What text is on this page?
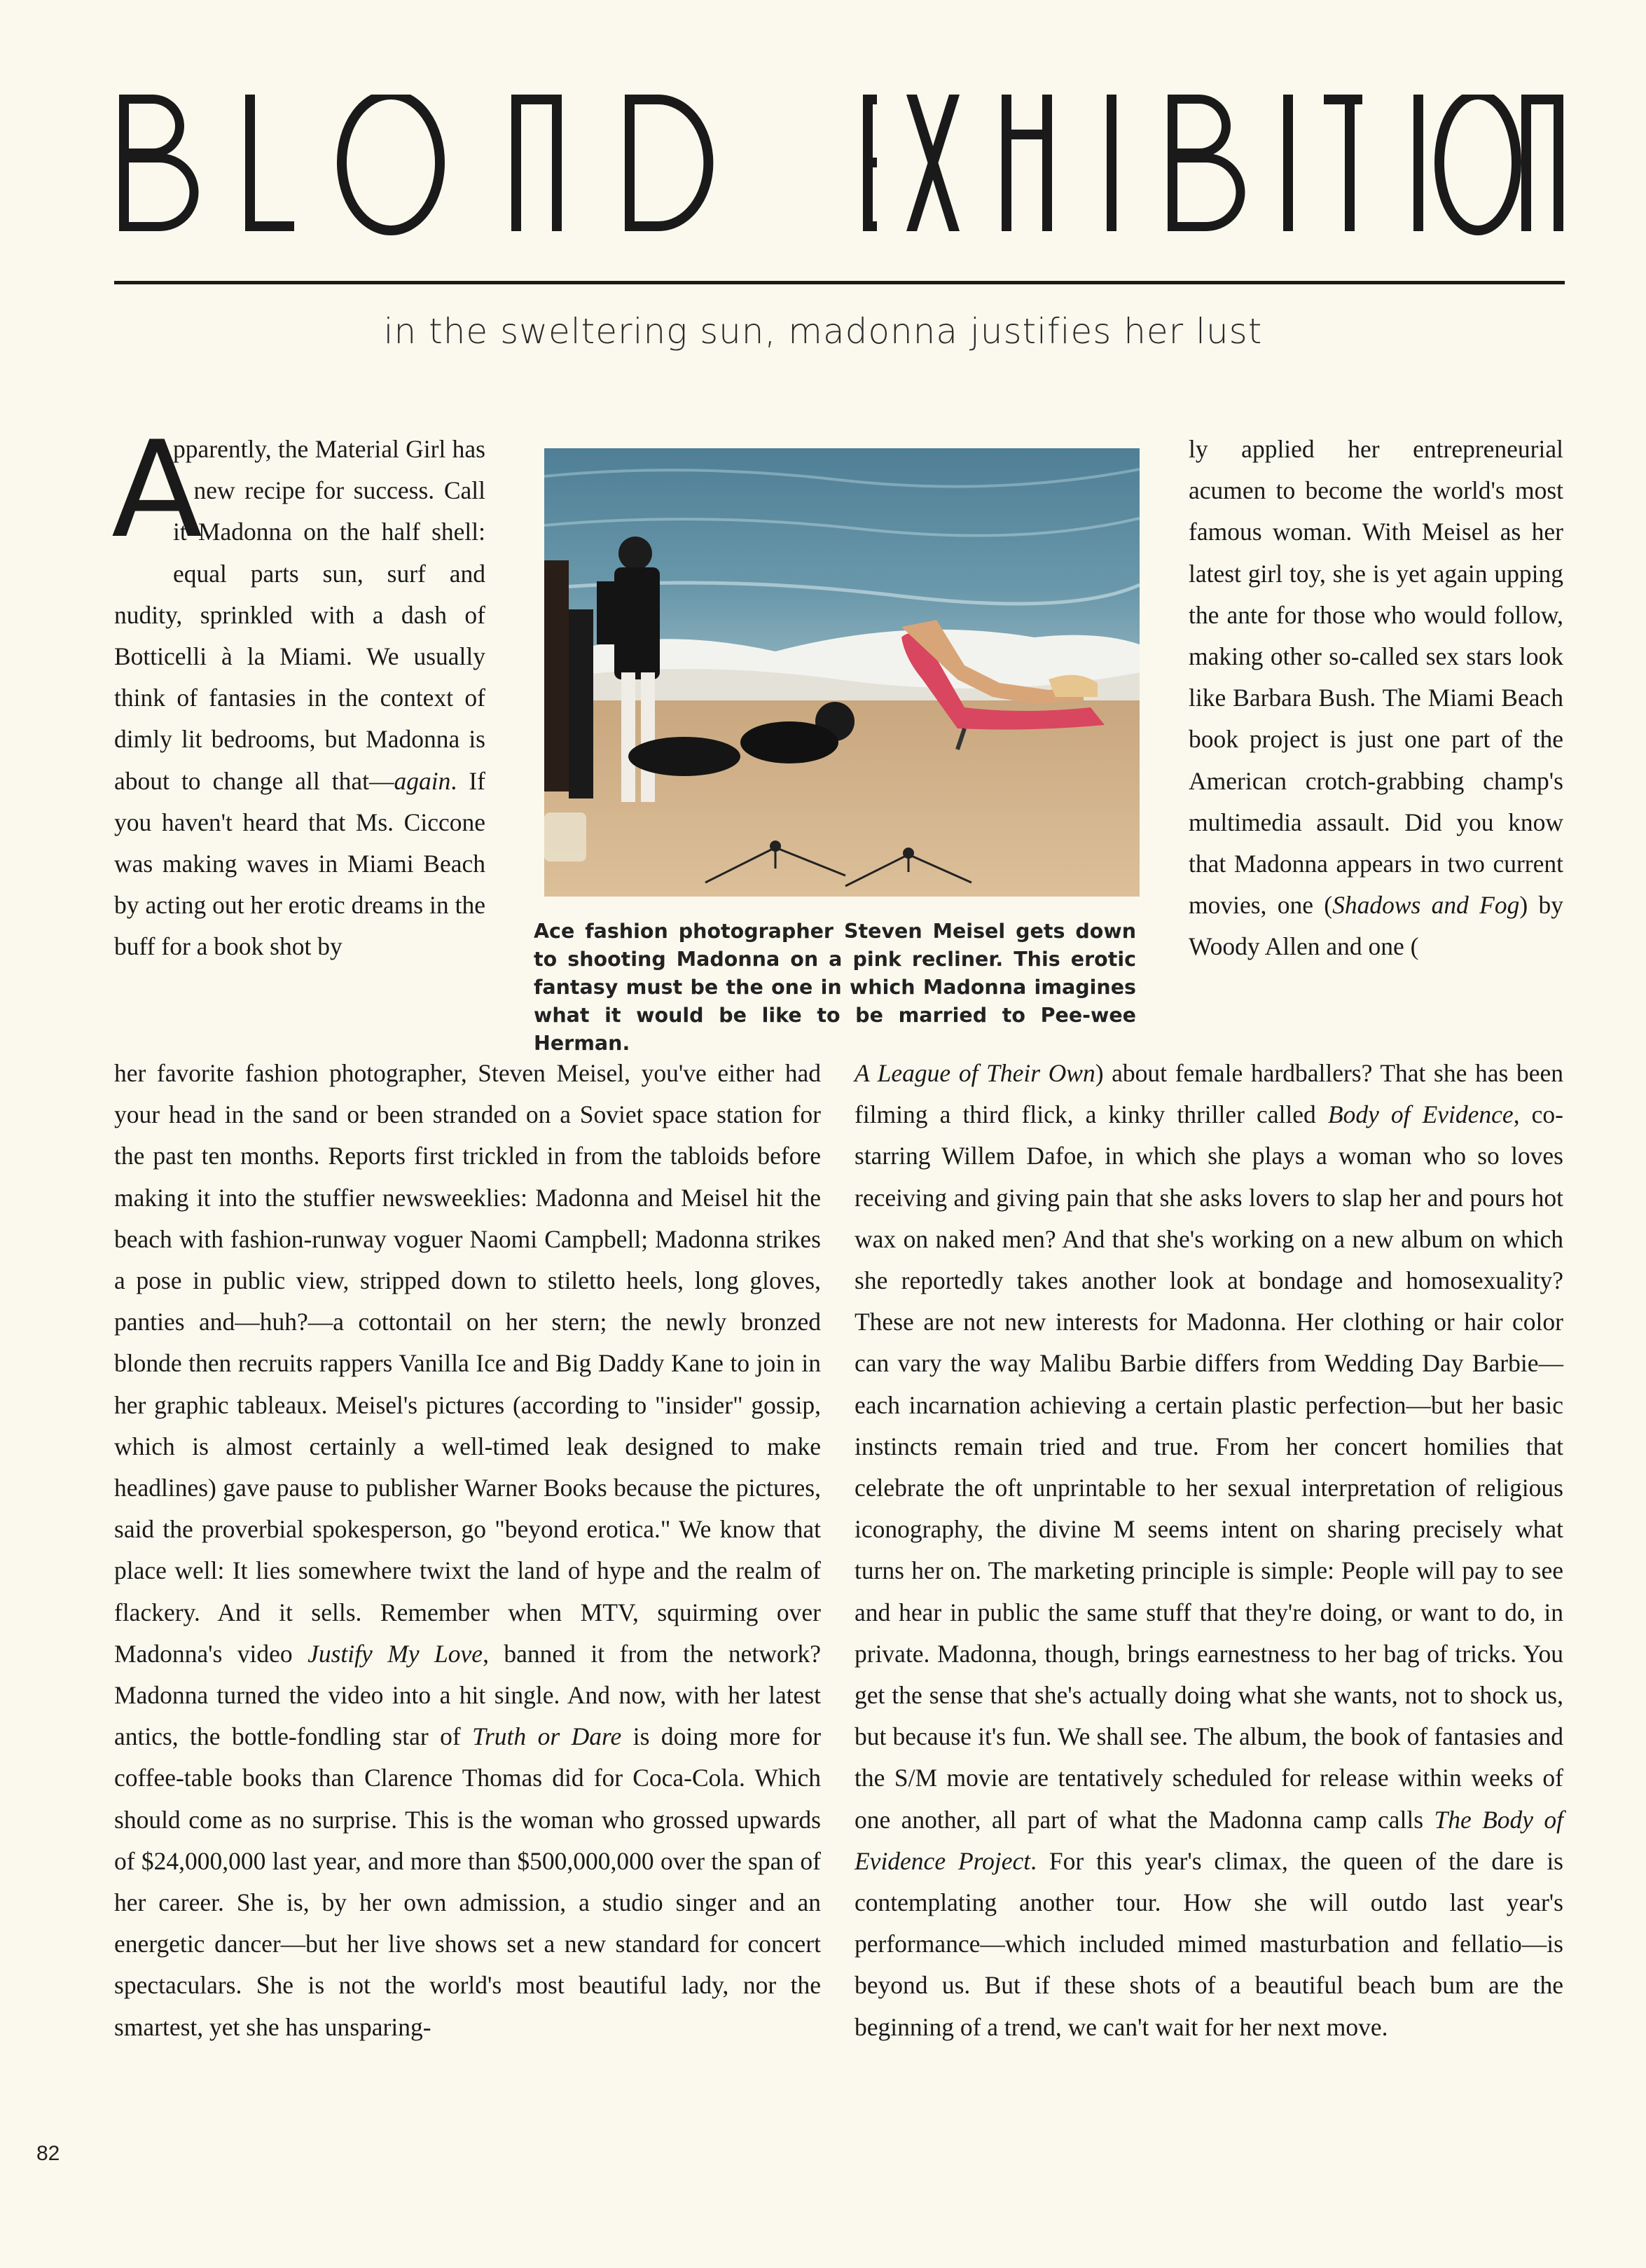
in the sweltering sun, madonna justifies her lust
A
pparently, the Material Girl has a new recipe for success. Call it Madonna on the half shell: equal parts sun, surf and nudity, sprinkled with a dash of Botticelli à la Miami. We usually think of fantasies in the context of dimly lit bedrooms, but Madonna is about to change all that—again. If you haven't heard that Ms. Ciccone was making waves in Miami Beach by acting out her erotic dreams in the buff for a book shot by
Ace fashion photographer Steven Meisel gets down to shooting Madonna on a pink recliner. This erotic fantasy must be the one in which Madonna imagines what it would be like to be married to Pee-wee Herman.
ly applied her entrepreneurial acumen to become the world's most famous woman. With Meisel as her latest girl toy, she is yet again upping the ante for those who would follow, making other so-called sex stars look like Barbara Bush. The Miami Beach book project is just one part of the American crotch-grabbing champ's multimedia assault. Did you know that Madonna appears in two current movies, one (Shadows and Fog) by Woody Allen and one (
her favorite fashion photographer, Steven Meisel, you've either had your head in the sand or been stranded on a Soviet space station for the past ten months. Reports first trickled in from the tabloids before making it into the stuffier newsweeklies: Madonna and Meisel hit the beach with fashion-runway voguer Naomi Campbell; Madonna strikes a pose in public view, stripped down to stiletto heels, long gloves, panties and—huh?—a cottontail on her stern; the newly bronzed blonde then recruits rappers Vanilla Ice and Big Daddy Kane to join in her graphic tableaux. Meisel's pictures (according to "insider" gossip, which is almost certainly a well-timed leak designed to make headlines) gave pause to publisher Warner Books because the pictures, said the proverbial spokesperson, go "beyond erotica." We know that place well: It lies somewhere twixt the land of hype and the realm of flackery. And it sells. Remember when MTV, squirming over Madonna's video Justify My Love, banned it from the network? Madonna turned the video into a hit single. And now, with her latest antics, the bottle-fondling star of Truth or Dare is doing more for coffee-table books than Clarence Thomas did for Coca-Cola. Which should come as no surprise. This is the woman who grossed upwards of $24,000,000 last year, and more than $500,000,000 over the span of her career. She is, by her own admission, a studio singer and an energetic dancer—but her live shows set a new standard for concert spectaculars. She is not the world's most beautiful lady, nor the smartest, yet she has unsparing-
A League of Their Own) about female hardballers? That she has been filming a third flick, a kinky thriller called Body of Evidence, co-starring Willem Dafoe, in which she plays a woman who so loves receiving and giving pain that she asks lovers to slap her and pours hot wax on naked men? And that she's working on a new album on which she reportedly takes another look at bondage and homosexuality? These are not new interests for Madonna. Her clothing or hair color can vary the way Malibu Barbie differs from Wedding Day Barbie—each incarnation achieving a certain plastic perfection—but her basic instincts remain tried and true. From her concert homilies that celebrate the oft unprintable to her sexual interpretation of religious iconography, the divine M seems intent on sharing precisely what turns her on. The marketing principle is simple: People will pay to see and hear in public the same stuff that they're doing, or want to do, in private. Madonna, though, brings earnestness to her bag of tricks. You get the sense that she's actually doing what she wants, not to shock us, but because it's fun. We shall see. The album, the book of fantasies and the S/M movie are tentatively scheduled for release within weeks of one another, all part of what the Madonna camp calls The Body of Evidence Project. For this year's climax, the queen of the dare is contemplating another tour. How she will outdo last year's performance—which included mimed masturbation and fellatio—is beyond us. But if these shots of a beautiful beach bum are the beginning of a trend, we can't wait for her next move.
82
